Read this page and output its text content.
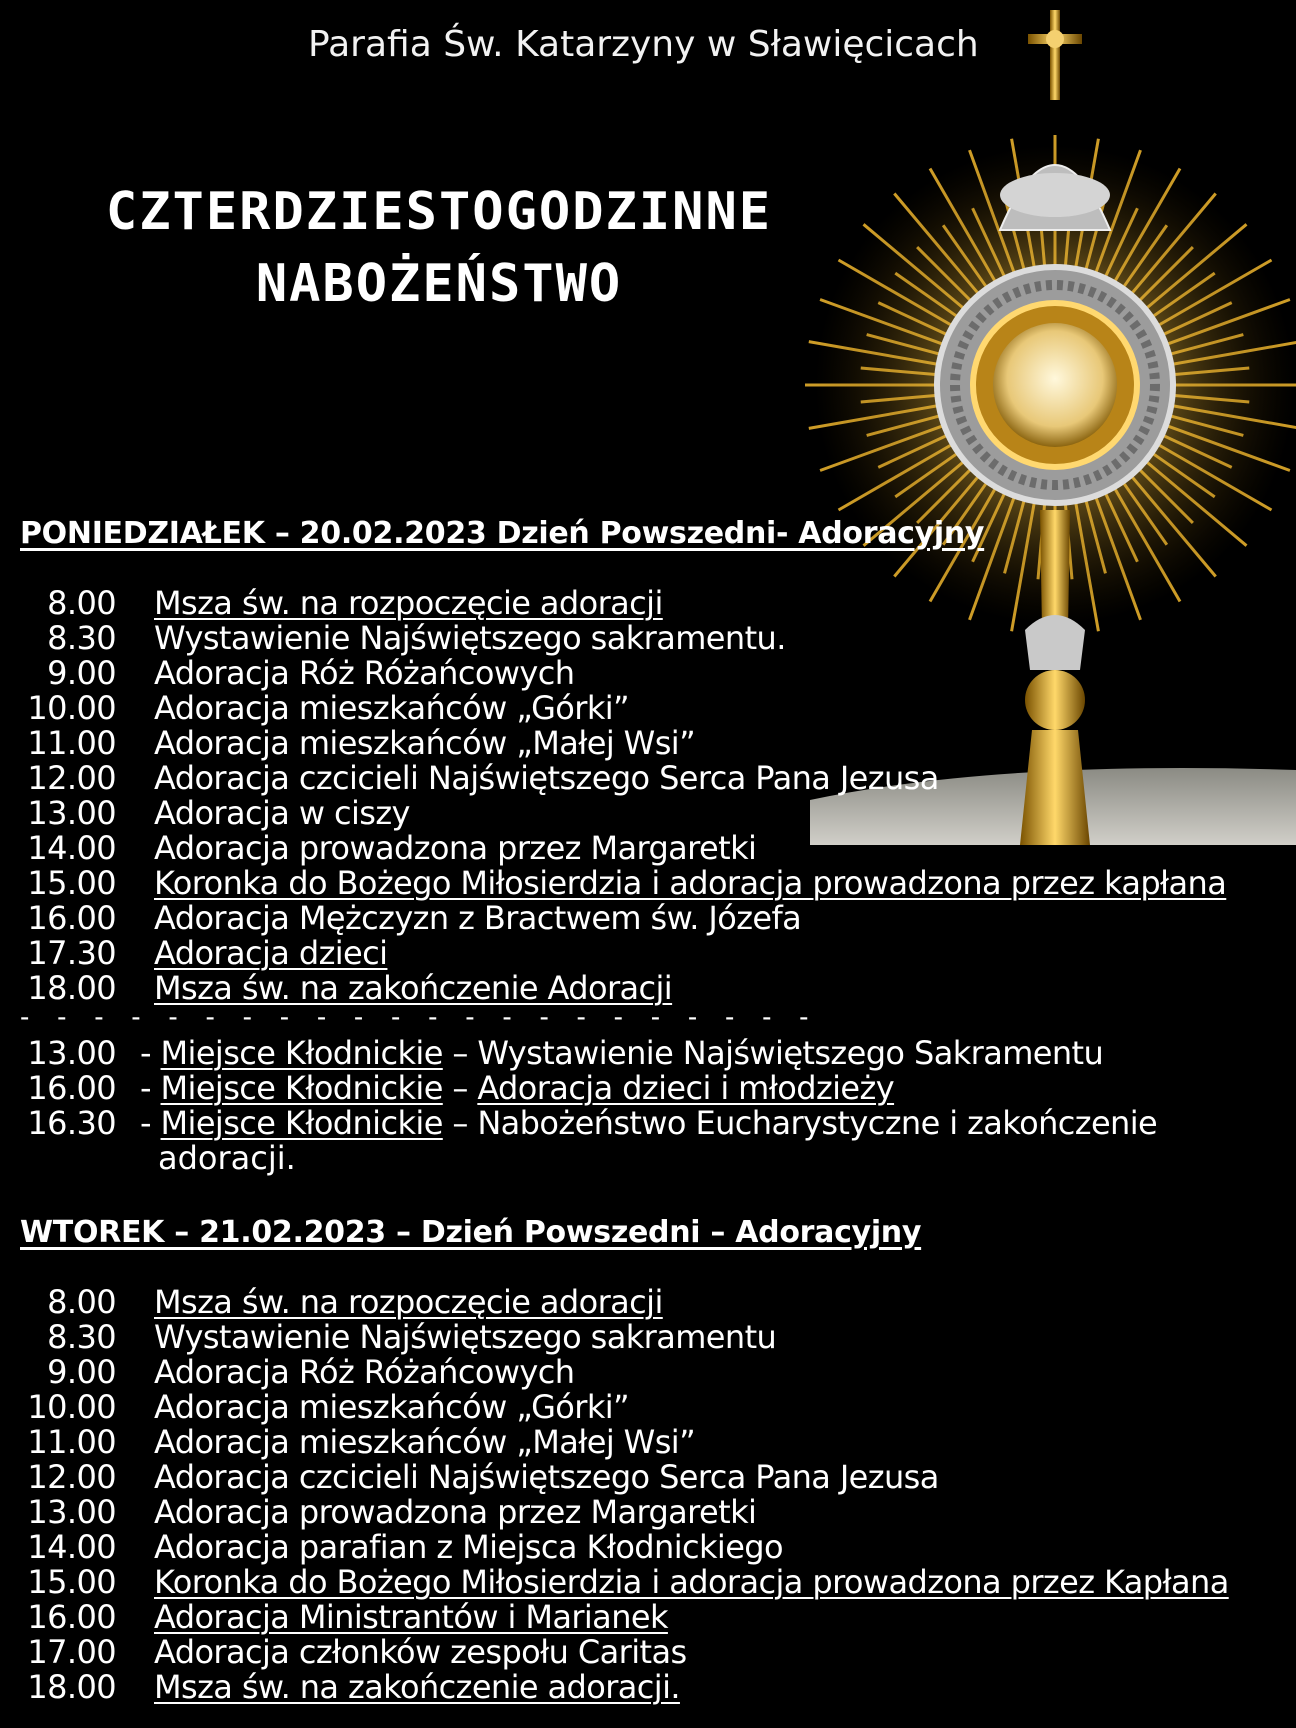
Parafia Św. Katarzyny w Sławięcicach
CZTERDZIESTOGODZINNE
NABOŻEŃSTWO
PONIEDZIAŁEK – 20.02.2023 Dzień Powszedni- Adoracyjny
8.00 Msza św. na rozpoczęcie adoracji
8.30 Wystawienie Najświętszego sakramentu.
9.00 Adoracja Róż Różańcowych
10.00 Adoracja mieszkańców „Górki”
11.00 Adoracja mieszkańców „Małej Wsi”
12.00 Adoracja czcicieli Najświętszego Serca Pana Jezusa
13.00 Adoracja w ciszy
14.00 Adoracja prowadzona przez Margaretki
15.00 Koronka do Bożego Miłosierdzia i adoracja prowadzona przez kapłana
16.00 Adoracja Mężczyzn z Bractwem św. Józefa
17.30 Adoracja dzieci
18.00 Msza św. na zakończenie Adoracji
- - - - - - - - - - - - - - - - - - - - - -
13.00 - Miejsce Kłodnickie – Wystawienie Najświętszego Sakramentu
16.00 - Miejsce Kłodnickie – Adoracja dzieci i młodzieży
16.30 - Miejsce Kłodnickie – Nabożeństwo Eucharystyczne i zakończenie
adoracji.
WTOREK – 21.02.2023 – Dzień Powszedni – Adoracyjny
8.00 Msza św. na rozpoczęcie adoracji
8.30 Wystawienie Najświętszego sakramentu
9.00 Adoracja Róż Różańcowych
10.00 Adoracja mieszkańców „Górki”
11.00 Adoracja mieszkańców „Małej Wsi”
12.00 Adoracja czcicieli Najświętszego Serca Pana Jezusa
13.00 Adoracja prowadzona przez Margaretki
14.00 Adoracja parafian z Miejsca Kłodnickiego
15.00 Koronka do Bożego Miłosierdzia i adoracja prowadzona przez Kapłana
16.00 Adoracja Ministrantów i Marianek
17.00 Adoracja członków zespołu Caritas
18.00 Msza św. na zakończenie adoracji.
